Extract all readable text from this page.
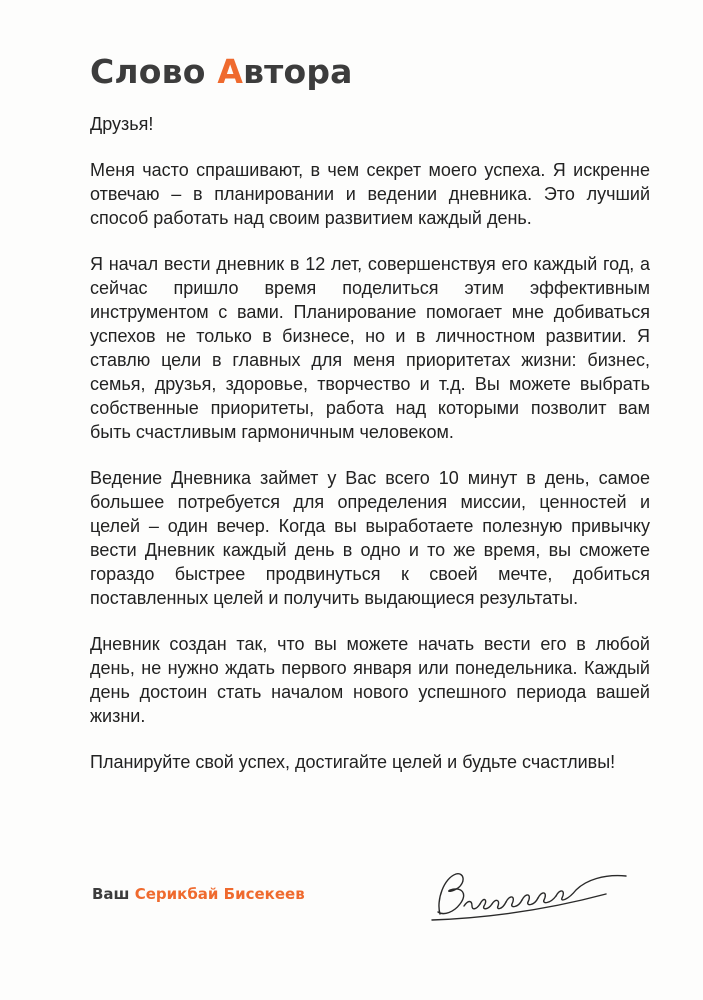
Слово Автора

Друзья!

Меня часто спрашивают, в чем секрет моего успеха. Я искренне отвечаю – в планировании и ведении дневника. Это лучший способ работать над своим развитием каждый день.

Я начал вести дневник в 12 лет, совершенствуя его каждый год, а сейчас пришло время поделиться этим эффективным инструментом с вами. Планирование помогает мне добиваться успехов не только в бизнесе, но и в личностном развитии. Я ставлю цели в главных для меня приоритетах жизни: бизнес, семья, друзья, здоровье, творчество и т.д. Вы можете выбрать собственные приоритеты, работа над которыми позволит вам быть счастливым гармоничным человеком.

Ведение Дневника займет у Вас всего 10 минут в день, самое большее потребуется для определения миссии, ценностей и целей – один вечер. Когда вы выработаете полезную привычку вести Дневник каждый день в одно и то же время, вы сможете гораздо быстрее продвинуться к своей мечте, добиться поставленных целей и получить выдающиеся результаты.

Дневник создан так, что вы можете начать вести его в любой день, не нужно ждать первого января или понедельника. Каждый день достоин стать началом нового успешного периода вашей жизни.

Планируйте свой успех, достигайте целей и будьте счастливы!

Ваш Серикбай Бисекеев
